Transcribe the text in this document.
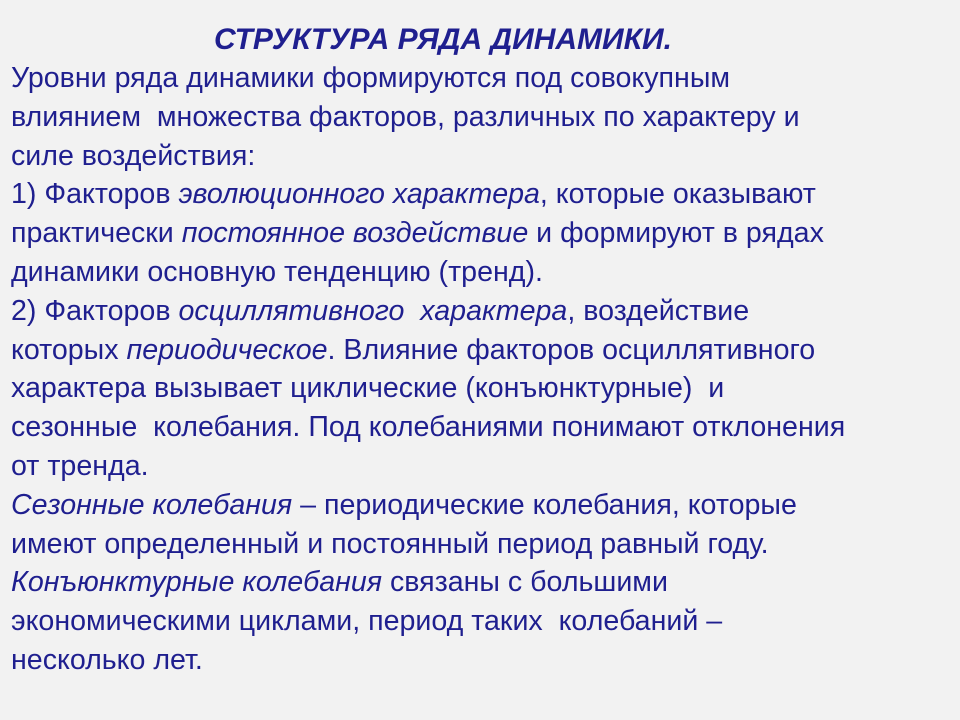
СТРУКТУРА РЯДА ДИНАМИКИ.
Уровни ряда динамики формируются под совокупным
влиянием  множества факторов, различных по характеру и
силе воздействия:
1) Факторов эволюционного характера, которые оказывают
практически постоянное воздействие и формируют в рядах
динамики основную тенденцию (тренд).
2) Факторов осциллятивного  характера, воздействие
которых периодическое. Влияние факторов осциллятивного
характера вызывает циклические (конъюнктурные)  и
сезонные  колебания. Под колебаниями понимают отклонения
от тренда.
Сезонные колебания – периодические колебания, которые
имеют определенный и постоянный период равный году.
Конъюнктурные колебания связаны с большими
экономическими циклами, период таких  колебаний –
несколько лет.
